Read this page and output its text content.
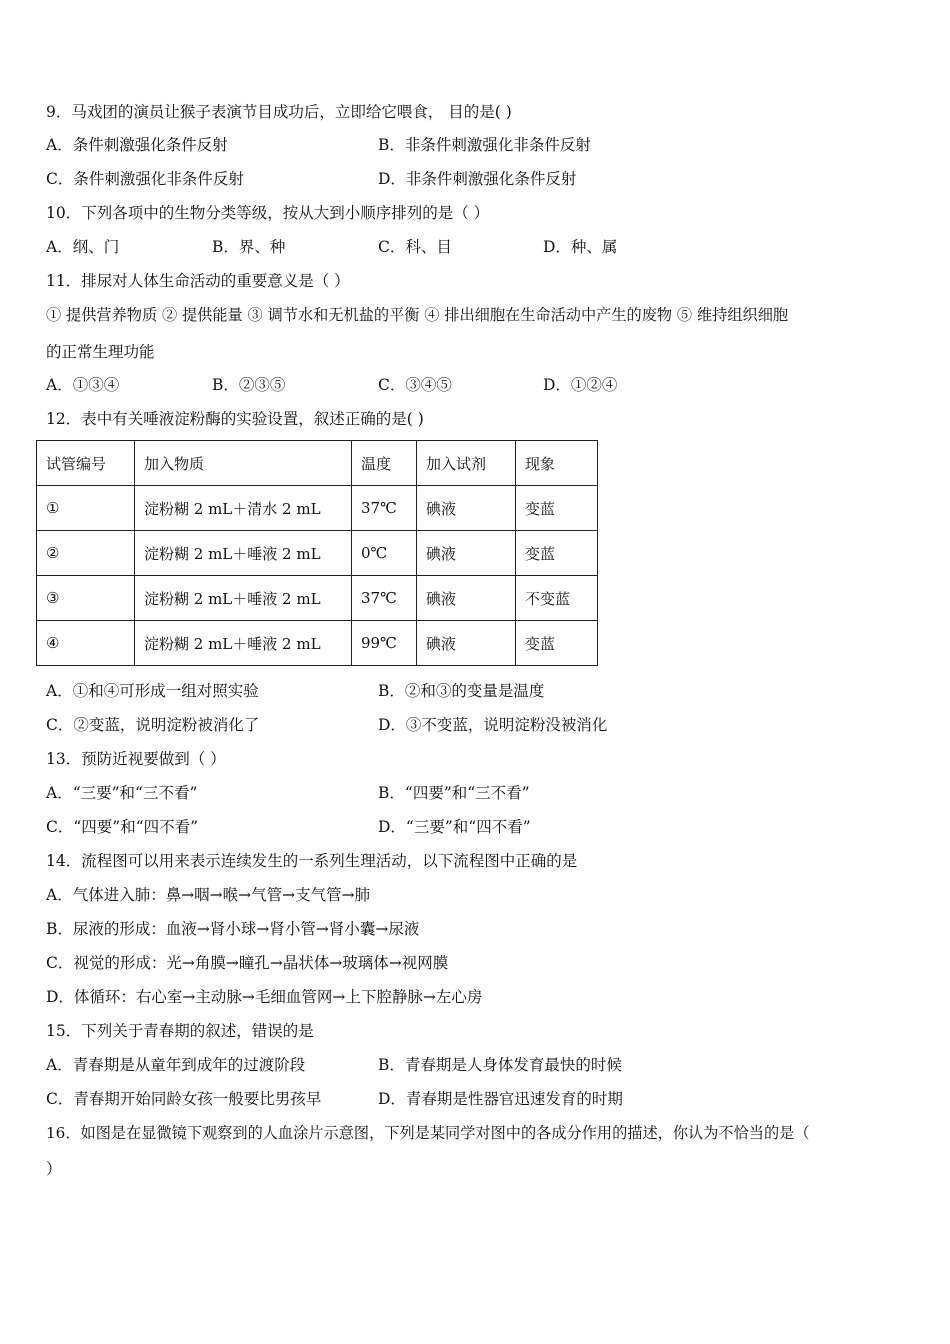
9．马戏团的演员让猴子表演节目成功后，立即给它喂食， 目的是( )
A．条件刺激强化条件反射	B．非条件刺激强化非条件反射
C．条件刺激强化非条件反射	D．非条件刺激强化条件反射
10．下列各项中的生物分类等级，按从大到小顺序排列的是（ ）
A．纲、门	B．界、种	C．科、目	D．种、属
11．排尿对人体生命活动的重要意义是（ ）
① 提供营养物质 ② 提供能量 ③ 调节水和无机盐的平衡 ④ 排出细胞在生命活动中产生的废物 ⑤ 维持组织细胞
的正常生理功能
A．①③④	B．②③⑤	C．③④⑤	D．①②④
12．表中有关唾液淀粉酶的实验设置，叙述正确的是( )
试管编号	加入物质	温度	加入试剂	现象
①	淀粉糊 2 mL＋清水 2 mL	37℃	碘液	变蓝
②	淀粉糊 2 mL＋唾液 2 mL	0℃	碘液	变蓝
③	淀粉糊 2 mL＋唾液 2 mL	37℃	碘液	不变蓝
④	淀粉糊 2 mL＋唾液 2 mL	99℃	碘液	变蓝
A．①和④可形成一组对照实验	B．②和③的变量是温度
C．②变蓝，说明淀粉被消化了	D．③不变蓝，说明淀粉没被消化
13．预防近视要做到（ ）
A．“三要”和“三不看”	B．“四要”和“三不看”
C．“四要”和“四不看”	D．“三要”和“四不看”
14．流程图可以用来表示连续发生的一系列生理活动，以下流程图中正确的是
A．气体进入肺：鼻→咽→喉→气管→支气管→肺
B．尿液的形成：血液→肾小球→肾小管→肾小囊→尿液
C．视觉的形成：光→角膜→瞳孔→晶状体→玻璃体→视网膜
D．体循环：右心室→主动脉→毛细血管网→上下腔静脉→左心房
15．下列关于青春期的叙述，错误的是
A．青春期是从童年到成年的过渡阶段	B．青春期是人身体发育最快的时候
C．青春期开始同龄女孩一般要比男孩早	D．青春期是性器官迅速发育的时期
16．如图是在显微镜下观察到的人血涂片示意图，下列是某同学对图中的各成分作用的描述，你认为不恰当的是（
）
